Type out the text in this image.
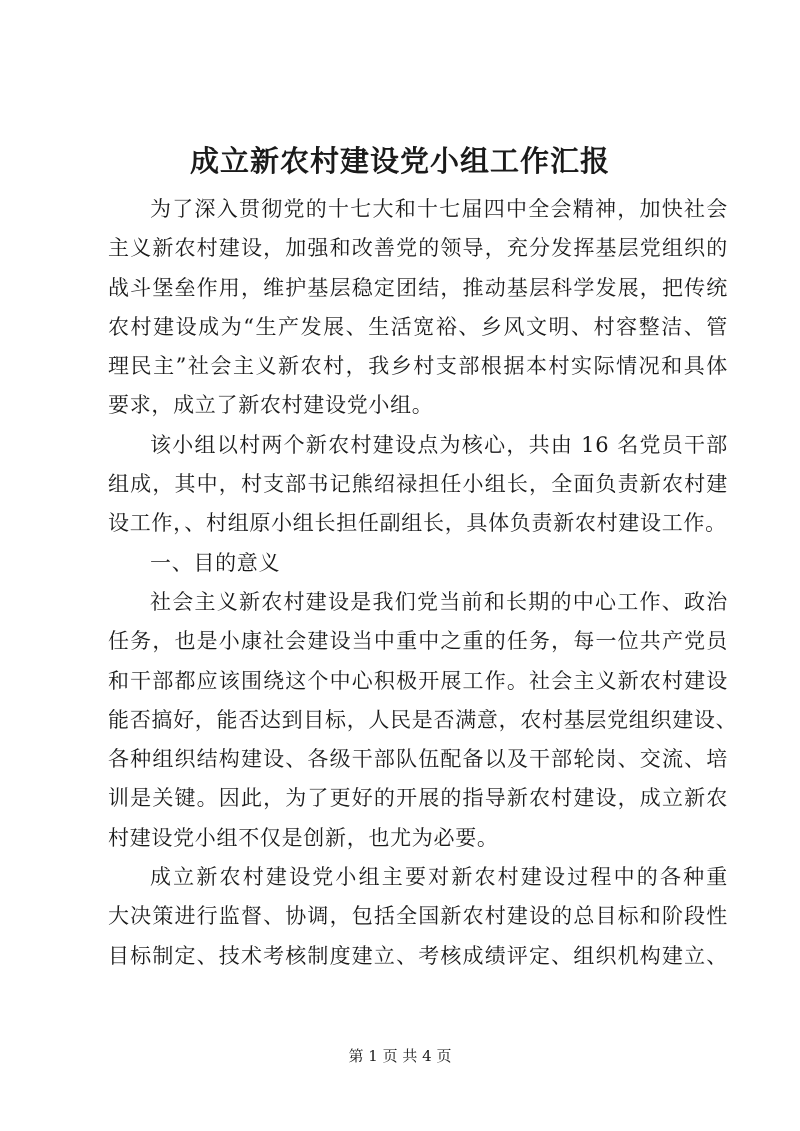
成立新农村建设党小组工作汇报
为了深入贯彻党的十七大和十七届四中全会精神，加快社会
主义新农村建设，加强和改善党的领导，充分发挥基层党组织的
战斗堡垒作用，维护基层稳定团结，推动基层科学发展，把传统
农村建设成为“生产发展、生活宽裕、乡风文明、村容整洁、管
理民主”社会主义新农村，我乡村支部根据本村实际情况和具体
要求，成立了新农村建设党小组。
该小组以村两个新农村建设点为核心，共由 16 名党员干部
组成，其中，村支部书记熊绍禄担任小组长，全面负责新农村建
设工作，、村组原小组长担任副组长，具体负责新农村建设工作。
一、目的意义
社会主义新农村建设是我们党当前和长期的中心工作、政治
任务，也是小康社会建设当中重中之重的任务，每一位共产党员
和干部都应该围绕这个中心积极开展工作。社会主义新农村建设
能否搞好，能否达到目标，人民是否满意，农村基层党组织建设、
各种组织结构建设、各级干部队伍配备以及干部轮岗、交流、培
训是关键。因此，为了更好的开展的指导新农村建设，成立新农
村建设党小组不仅是创新，也尤为必要。
成立新农村建设党小组主要对新农村建设过程中的各种重
大决策进行监督、协调，包括全国新农村建设的总目标和阶段性
目标制定、技术考核制度建立、考核成绩评定、组织机构建立、
第 1 页 共 4 页
